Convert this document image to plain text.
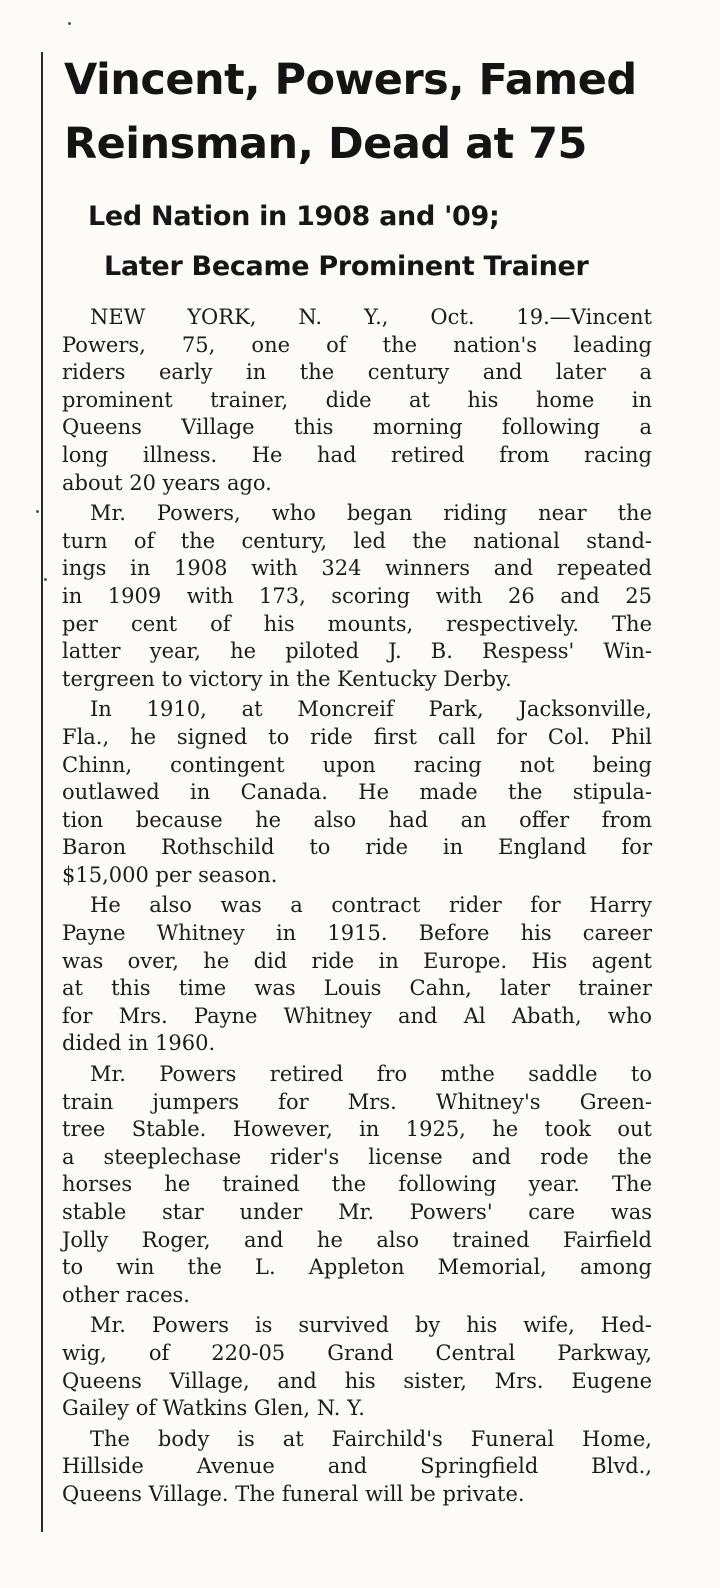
Vincent, Powers, Famed
Reinsman, Dead at 75
Led Nation in 1908 and '09;
Later Became Prominent Trainer

NEW YORK, N. Y., Oct. 19.—Vincent
Powers, 75, one of the nation's leading
riders early in the century and later a
prominent trainer, dide at his home in
Queens Village this morning following a
long illness. He had retired from racing
about 20 years ago.

Mr. Powers, who began riding near the
turn of the century, led the national stand-
ings in 1908 with 324 winners and repeated
in 1909 with 173, scoring with 26 and 25
per cent of his mounts, respectively. The
latter year, he piloted J. B. Respess' Win-
tergreen to victory in the Kentucky Derby.

In 1910, at Moncreif Park, Jacksonville,
Fla., he signed to ride first call for Col. Phil
Chinn, contingent upon racing not being
outlawed in Canada. He made the stipula-
tion because he also had an offer from
Baron Rothschild to ride in England for
$15,000 per season.

He also was a contract rider for Harry
Payne Whitney in 1915. Before his career
was over, he did ride in Europe. His agent
at this time was Louis Cahn, later trainer
for Mrs. Payne Whitney and Al Abath, who
dided in 1960.

Mr. Powers retired fro mthe saddle to
train jumpers for Mrs. Whitney's Green-
tree Stable. However, in 1925, he took out
a steeplechase rider's license and rode the
horses he trained the following year. The
stable star under Mr. Powers' care was
Jolly Roger, and he also trained Fairfield
to win the L. Appleton Memorial, among
other races.

Mr. Powers is survived by his wife, Hed-
wig, of 220-05 Grand Central Parkway,
Queens Village, and his sister, Mrs. Eugene
Gailey of Watkins Glen, N. Y.

The body is at Fairchild's Funeral Home,
Hillside Avenue and Springfield Blvd.,
Queens Village. The funeral will be private.
